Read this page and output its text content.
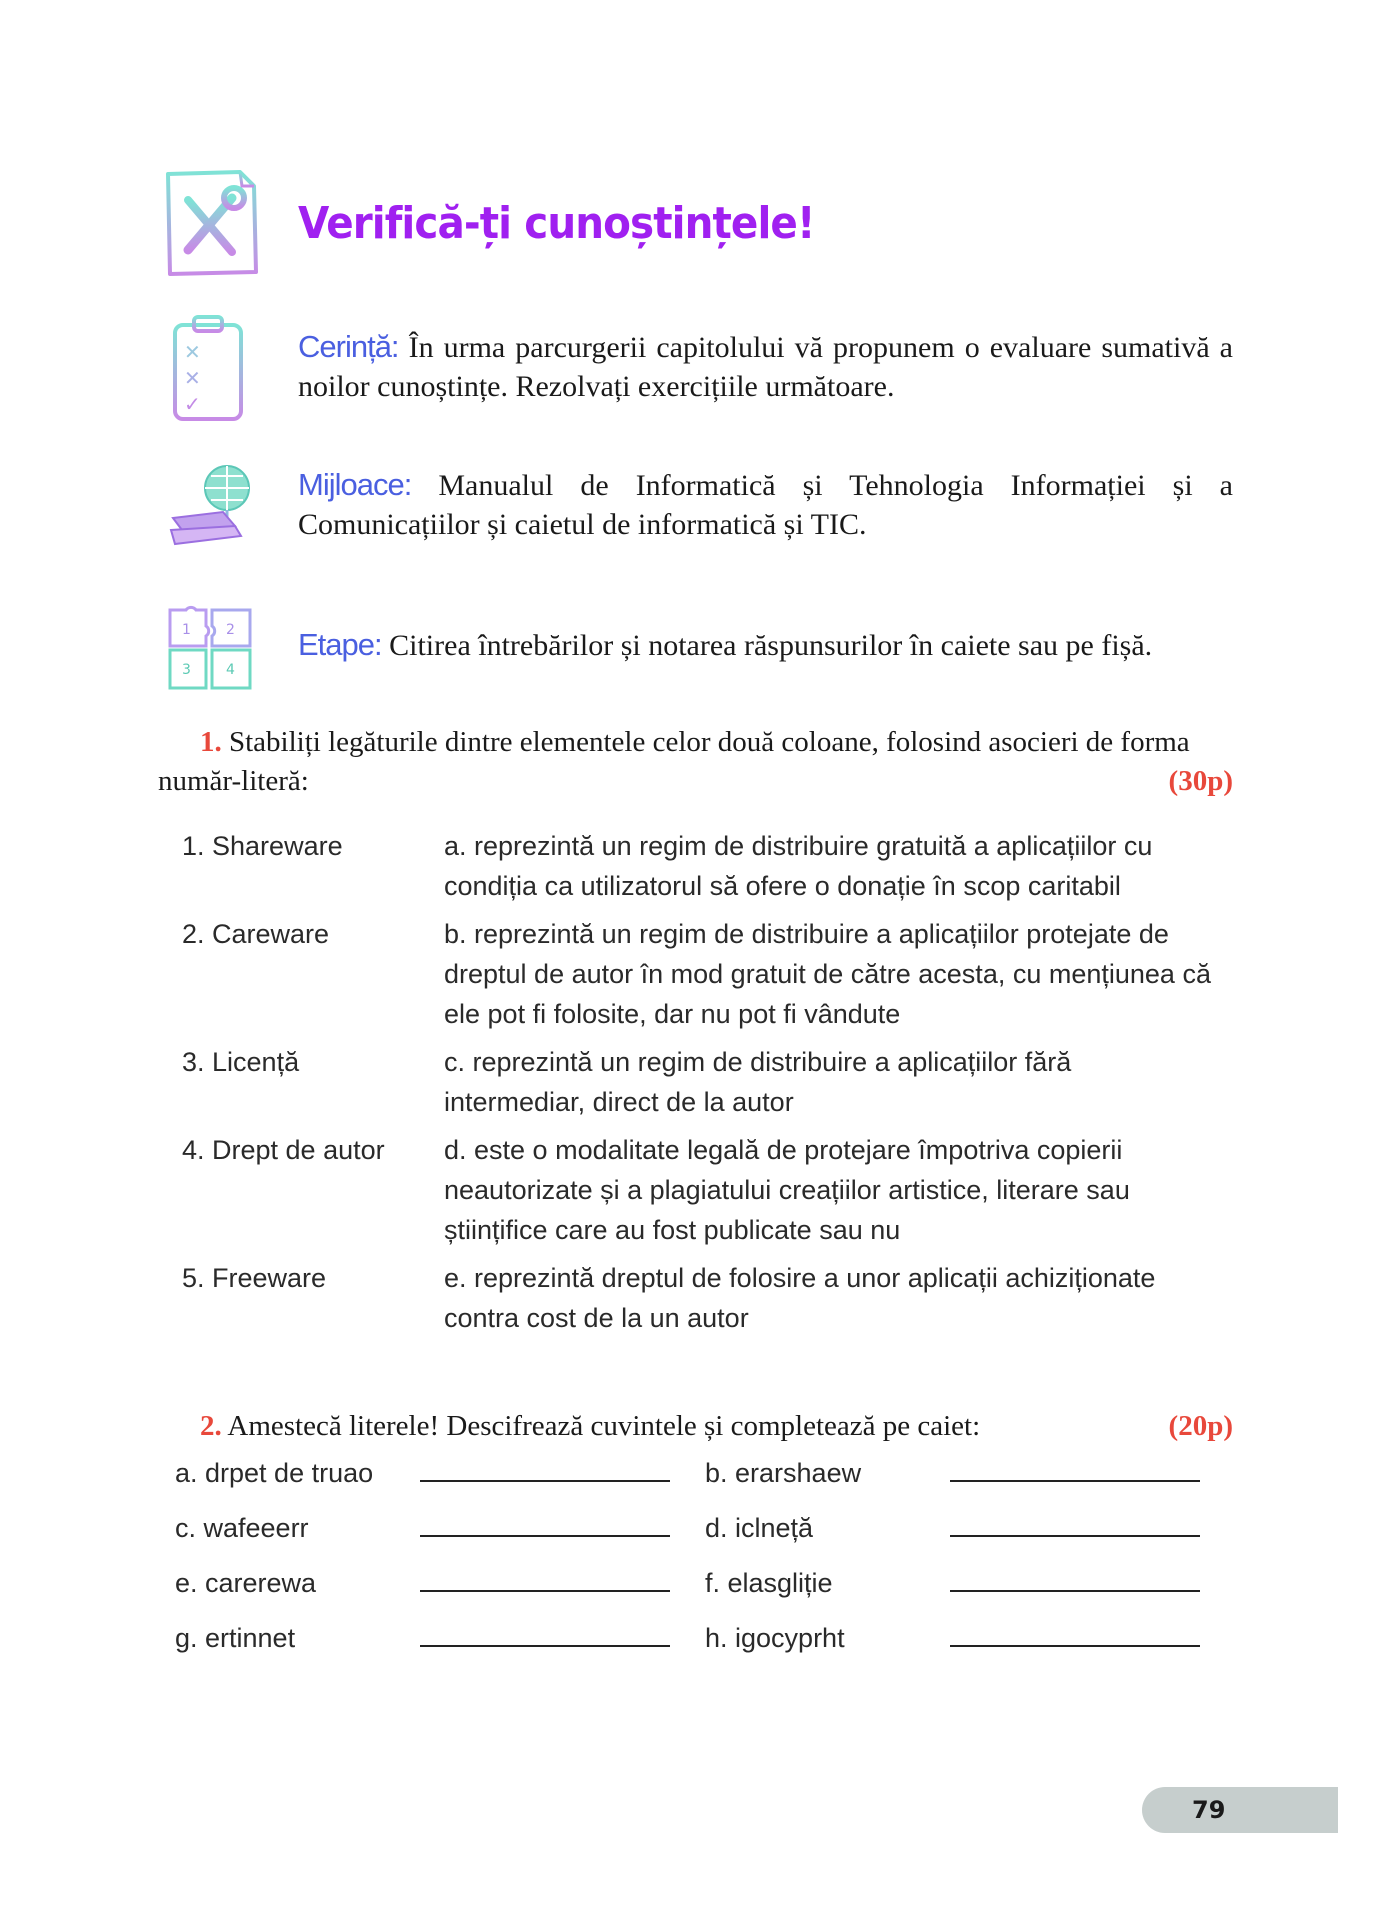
Verifică-ți cunoștințele!
✕
✕
✓
Cerință: În urma parcurgerii capitolului vă propunem o evaluare sumativă a noilor cunoștințe. Rezolvați exercițiile următoare.
Mijloace: Manualul de Informatică și Tehnologia Informației și a Comunicațiilor și caietul de informatică și TIC.
1	2
3	4
Etape: Citirea întrebărilor și notarea răspunsurilor în caiete sau pe fișă.
1. Stabiliți legăturile dintre elementele celor două coloane, folosind asocieri de forma număr-literă:	(30p)
1. Shareware	a. reprezintă un regim de distribuire gratuită a aplicațiilor cu condiția ca utilizatorul să ofere o donație în scop caritabil
2. Careware	b. reprezintă un regim de distribuire a aplicațiilor protejate de dreptul de autor în mod gratuit de către acesta, cu mențiunea că ele pot fi folosite, dar nu pot fi vândute
3. Licență	c. reprezintă un regim de distribuire a aplicațiilor fără intermediar, direct de la autor
4. Drept de autor	d. este o modalitate legală de protejare împotriva copierii neautorizate și a plagiatului creațiilor artistice, literare sau științifice care au fost publicate sau nu
5. Freeware	e. reprezintă dreptul de folosire a unor aplicații achiziționate contra cost de la un autor
2. Amestecă literele! Descifrează cuvintele și completează pe caiet:	(20p)
a. drpet de truao	b. erarshaew
c. wafeeerr	d. iclneță
e. carerewa	f. elasgliție
g. ertinnet	h. igocyprht
79
